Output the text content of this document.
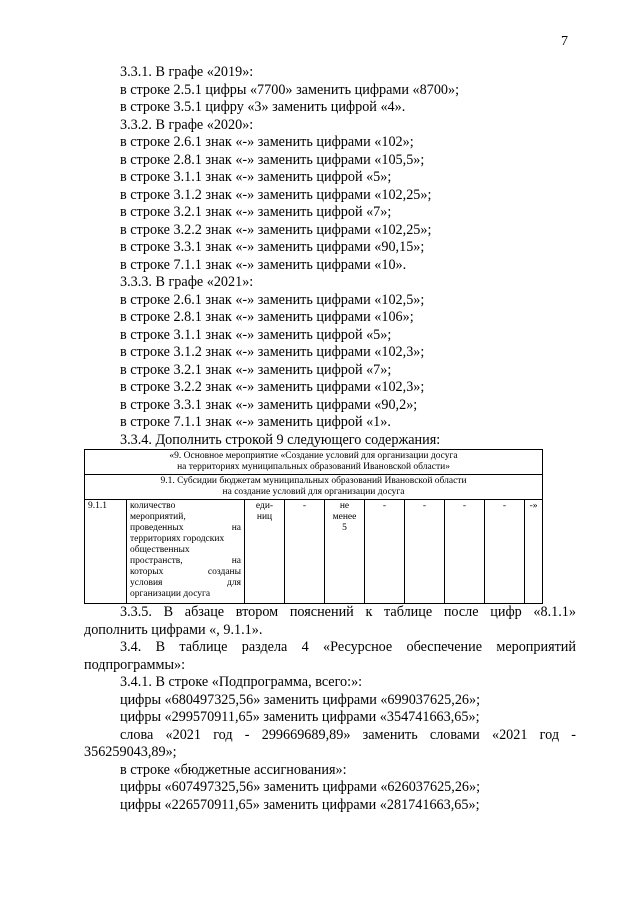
7
3.3.1. В графе «2019»:
в строке 2.5.1 цифры «7700» заменить цифрами «8700»;
в строке 3.5.1 цифру «3» заменить цифрой «4».
3.3.2. В графе «2020»:
в строке 2.6.1 знак «-» заменить цифрами «102»;
в строке 2.8.1 знак «-» заменить цифрами «105,5»;
в строке 3.1.1 знак «-» заменить цифрой «5»;
в строке 3.1.2 знак «-» заменить цифрами «102,25»;
в строке 3.2.1 знак «-» заменить цифрой «7»;
в строке 3.2.2 знак «-» заменить цифрами «102,25»;
в строке 3.3.1 знак «-» заменить цифрами «90,15»;
в строке 7.1.1 знак «-» заменить цифрами «10».
3.3.3. В графе «2021»:
в строке 2.6.1 знак «-» заменить цифрами «102,5»;
в строке 2.8.1 знак «-» заменить цифрами «106»;
в строке 3.1.1 знак «-» заменить цифрой «5»;
в строке 3.1.2 знак «-» заменить цифрами «102,3»;
в строке 3.2.1 знак «-» заменить цифрой «7»;
в строке 3.2.2 знак «-» заменить цифрами «102,3»;
в строке 3.3.1 знак «-» заменить цифрами «90,2»;
в строке 7.1.1 знак «-» заменить цифрой «1».
3.3.4. Дополнить строкой 9 следующего содержания:
«9. Основное мероприятие «Создание условий для организации досуга
на территориях муниципальных образований Ивановской области»
9.1. Субсидии бюджетам муниципальных образований Ивановской области
на создание условий для организации досуга
9.1.1	количество
мероприятий,
проведенных на
территориях городских
общественных
пространств, на
которых созданы
условия для
организации досуга
	еди-
ниц	-	не
менее
5	-	-	-	-	-»
3.3.5. В абзаце втором пояснений к таблице после цифр «8.1.1»
дополнить цифрами «, 9.1.1».
3.4. В таблице раздела 4 «Ресурсное обеспечение мероприятий
подпрограммы»:
3.4.1. В строке «Подпрограмма, всего:»:
цифры «680497325,56» заменить цифрами «699037625,26»;
цифры «299570911,65» заменить цифрами «354741663,65»;
слова «2021 год - 299669689,89» заменить словами «2021 год -
356259043,89»;
в строке «бюджетные ассигнования»:
цифры «607497325,56» заменить цифрами «626037625,26»;
цифры «226570911,65» заменить цифрами «281741663,65»;
